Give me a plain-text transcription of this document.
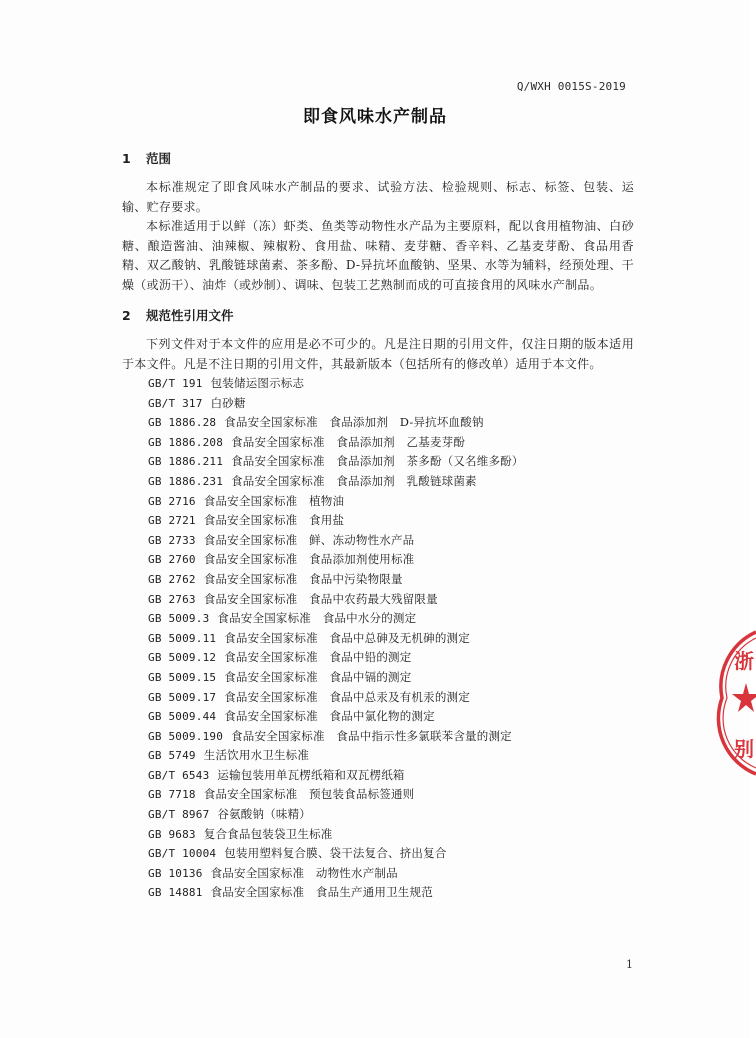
Q/WXH 0015S-2019
即食风味水产制品
1 范围

本标准规定了即食风味水产制品的要求、试验方法、检验规则、标志、标签、包装、运输、贮存要求。

本标准适用于以鲜（冻）虾类、鱼类等动物性水产品为主要原料，配以食用植物油、白砂糖、酿造酱油、油辣椒、辣椒粉、食用盐、味精、麦芽糖、香辛料、乙基麦芽酚、食品用香精、双乙酸钠、乳酸链球菌素、茶多酚、D-异抗坏血酸钠、坚果、水等为辅料，经预处理、干燥（或沥干）、油炸（或炒制）、调味、包装工艺熟制而成的可直接食用的风味水产制品。

2 规范性引用文件

下列文件对于本文件的应用是必不可少的。凡是注日期的引用文件，仅注日期的版本适用于本文件。凡是不注日期的引用文件，其最新版本（包括所有的修改单）适用于本文件。

GB/T 191 包装储运图示标志
GB/T 317 白砂糖
GB 1886.28 食品安全国家标准　食品添加剂　D-异抗坏血酸钠
GB 1886.208 食品安全国家标准　食品添加剂　乙基麦芽酚
GB 1886.211 食品安全国家标准　食品添加剂　茶多酚（又名维多酚）
GB 1886.231 食品安全国家标准　食品添加剂　乳酸链球菌素
GB 2716 食品安全国家标准　植物油
GB 2721 食品安全国家标准　食用盐
GB 2733 食品安全国家标准　鲜、冻动物性水产品
GB 2760 食品安全国家标准　食品添加剂使用标准
GB 2762 食品安全国家标准　食品中污染物限量
GB 2763 食品安全国家标准　食品中农药最大残留限量
GB 5009.3 食品安全国家标准　食品中水分的测定
GB 5009.11 食品安全国家标准　食品中总砷及无机砷的测定
GB 5009.12 食品安全国家标准　食品中铅的测定
GB 5009.15 食品安全国家标准　食品中镉的测定
GB 5009.17 食品安全国家标准　食品中总汞及有机汞的测定
GB 5009.44 食品安全国家标准　食品中氯化物的测定
GB 5009.190 食品安全国家标准　食品中指示性多氯联苯含量的测定
GB 5749 生活饮用水卫生标准
GB/T 6543 运输包装用单瓦楞纸箱和双瓦楞纸箱
GB 7718 食品安全国家标准　预包装食品标签通则
GB/T 8967 谷氨酸钠（味精）
GB 9683 复合食品包装袋卫生标准
GB/T 10004 包装用塑料复合膜、袋干法复合、挤出复合
GB 10136 食品安全国家标准　动物性水产制品
GB 14881 食品安全国家标准　食品生产通用卫生规范
1
浙
别
